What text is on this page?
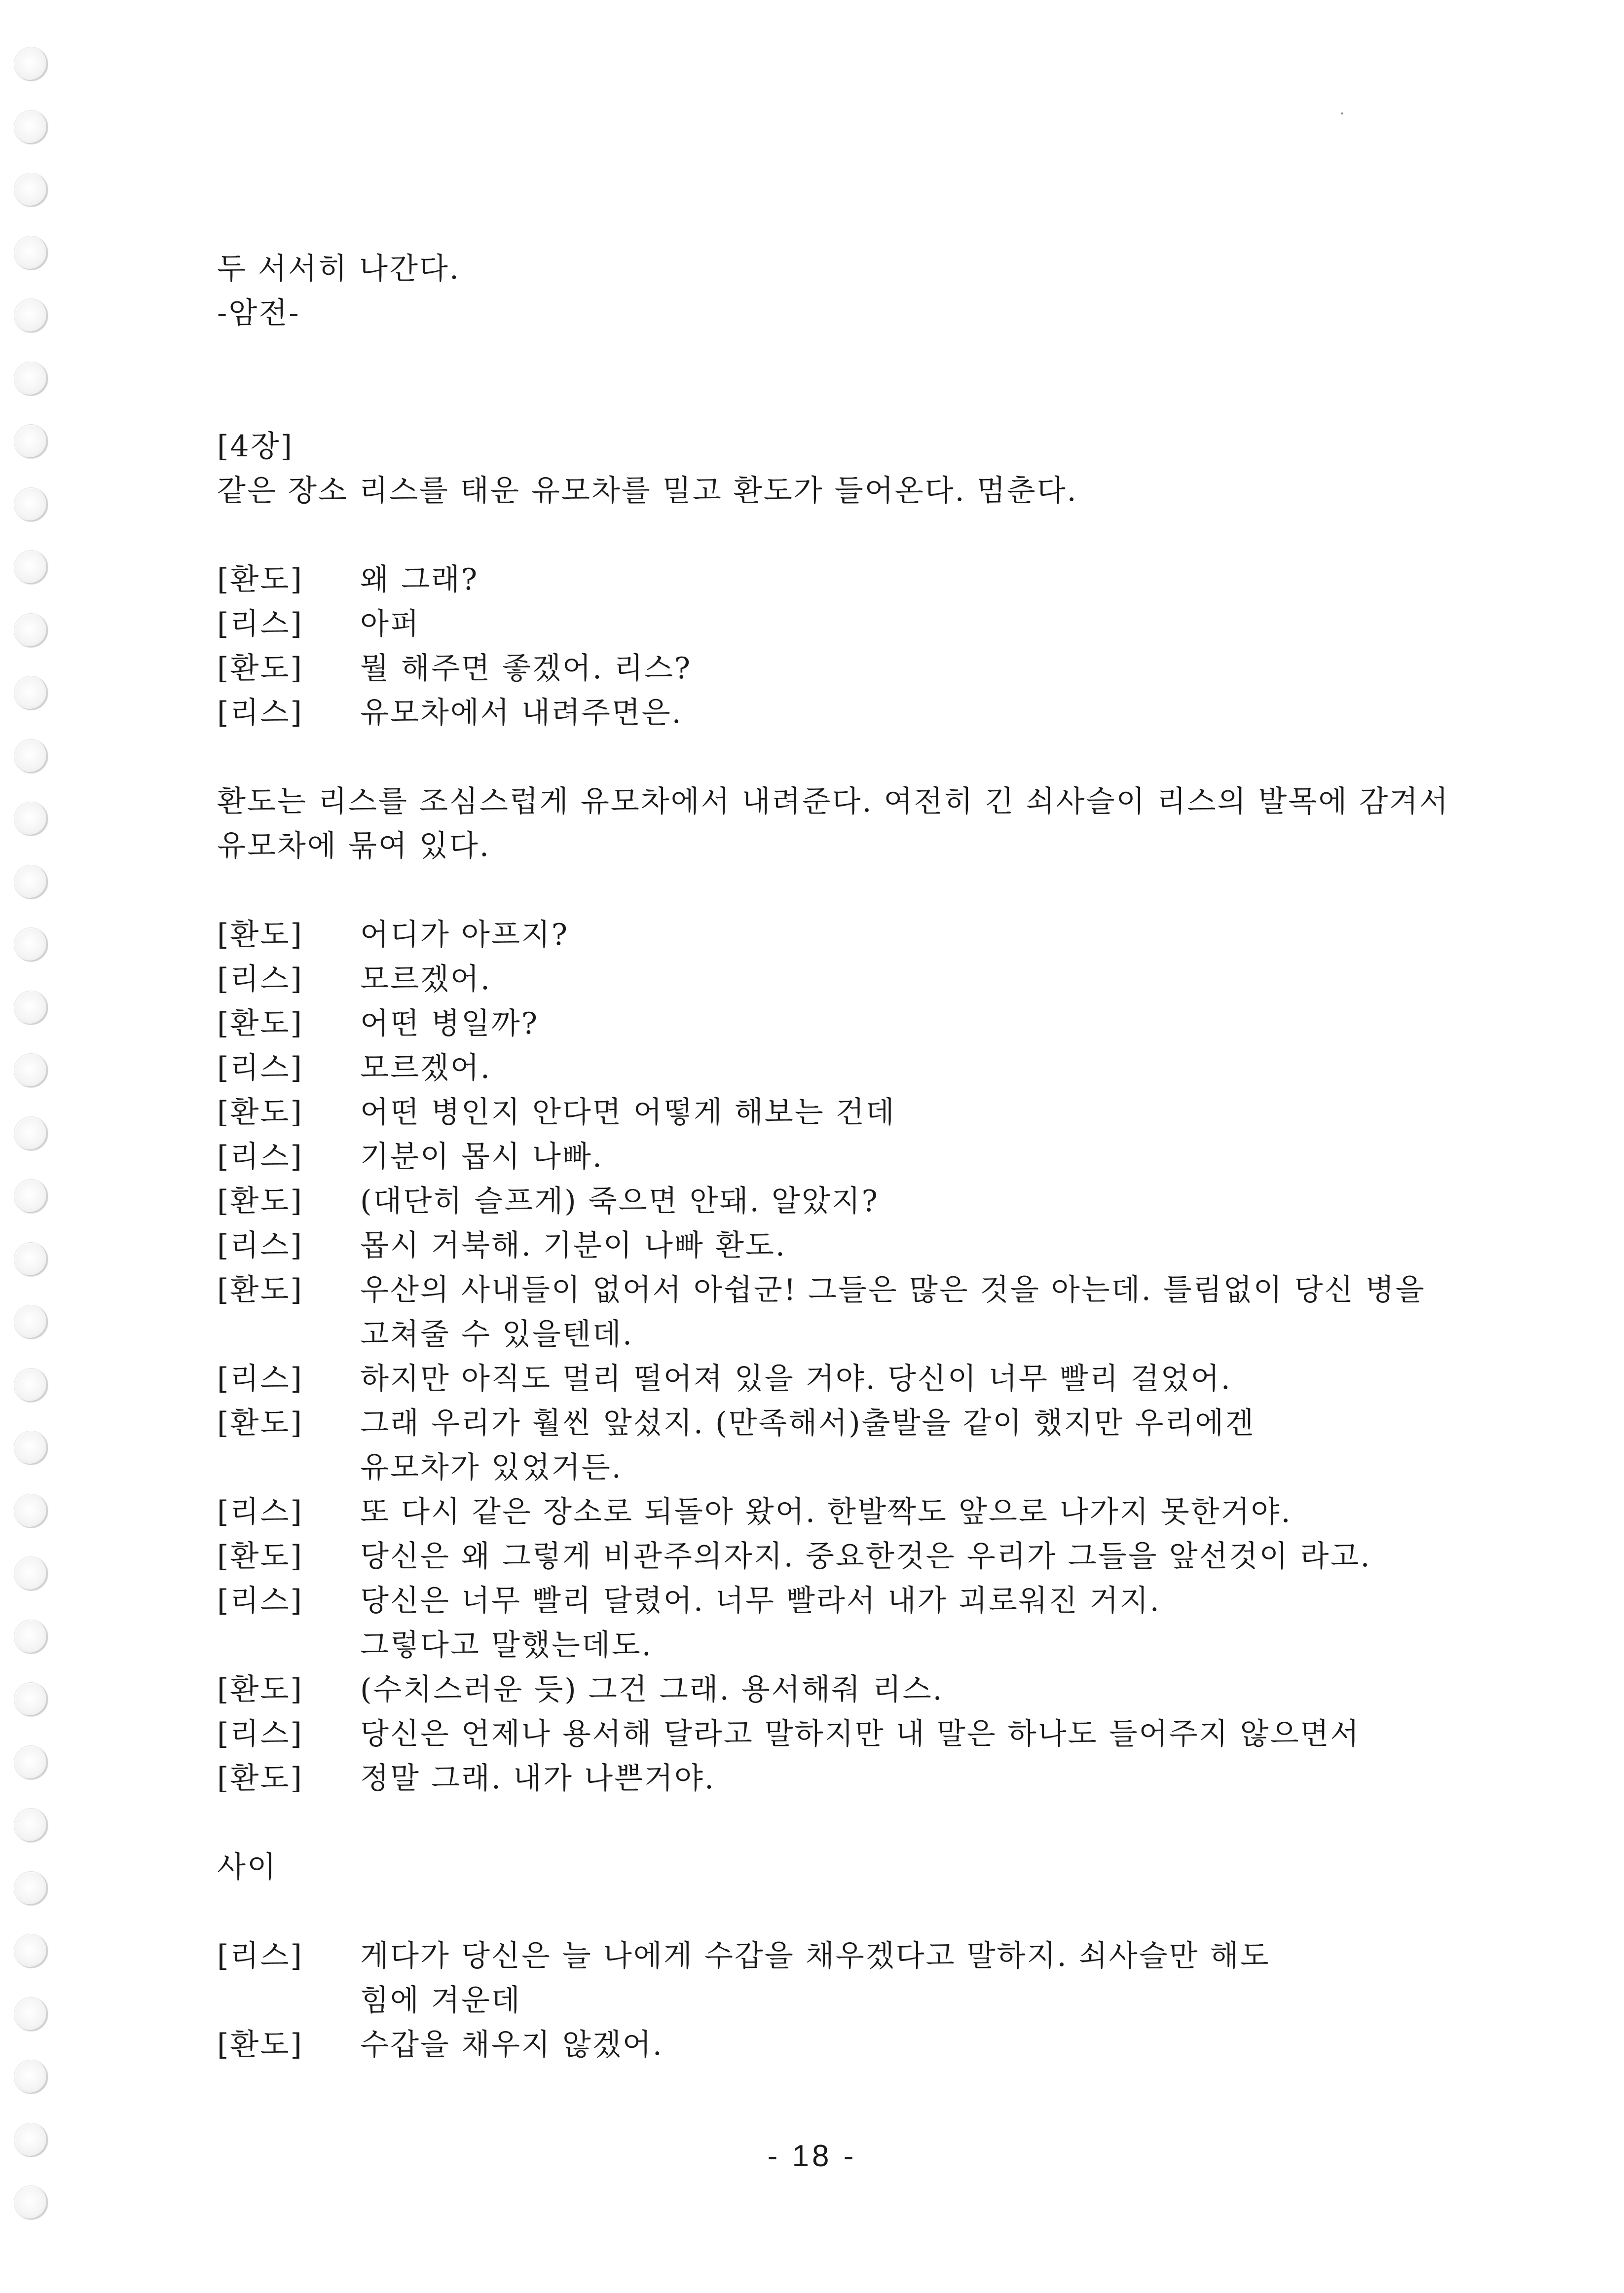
두 서서히 나간다.
-암전-
[4장]
같은 장소 리스를 태운 유모차를 밀고 환도가 들어온다. 멈춘다.
[환도]	왜 그래?
[리스]	아퍼
[환도]	뭘 해주면 좋겠어. 리스?
[리스]	유모차에서 내려주면은.
환도는 리스를 조심스럽게 유모차에서 내려준다. 여전히 긴 쇠사슬이 리스의 발목에 감겨서
유모차에 묶여 있다.
[환도]	어디가 아프지?
[리스]	모르겠어.
[환도]	어떤 병일까?
[리스]	모르겠어.
[환도]	어떤 병인지 안다면 어떻게 해보는 건데
[리스]	기분이 몹시 나빠.
[환도]	(대단히 슬프게) 죽으면 안돼. 알았지?
[리스]	몹시 거북해. 기분이 나빠 환도.
[환도]	우산의 사내들이 없어서 아쉽군! 그들은 많은 것을 아는데. 틀림없이 당신 병을
고쳐줄 수 있을텐데.
[리스]	하지만 아직도 멀리 떨어져 있을 거야. 당신이 너무 빨리 걸었어.
[환도]	그래 우리가 훨씬 앞섰지. (만족해서)출발을 같이 했지만 우리에겐
유모차가 있었거든.
[리스]	또 다시 같은 장소로 되돌아 왔어. 한발짝도 앞으로 나가지 못한거야.
[환도]	당신은 왜 그렇게 비관주의자지. 중요한것은 우리가 그들을 앞선것이 라고.
[리스]	당신은 너무 빨리 달렸어. 너무 빨라서 내가 괴로워진 거지.
그렇다고 말했는데도.
[환도]	(수치스러운 듯) 그건 그래. 용서해줘 리스.
[리스]	당신은 언제나 용서해 달라고 말하지만 내 말은 하나도 들어주지 않으면서
[환도]	정말 그래. 내가 나쁜거야.
사이
[리스]	게다가 당신은 늘 나에게 수갑을 채우겠다고 말하지. 쇠사슬만 해도
힘에 겨운데
[환도]	수갑을 채우지 않겠어.
- 18 -
